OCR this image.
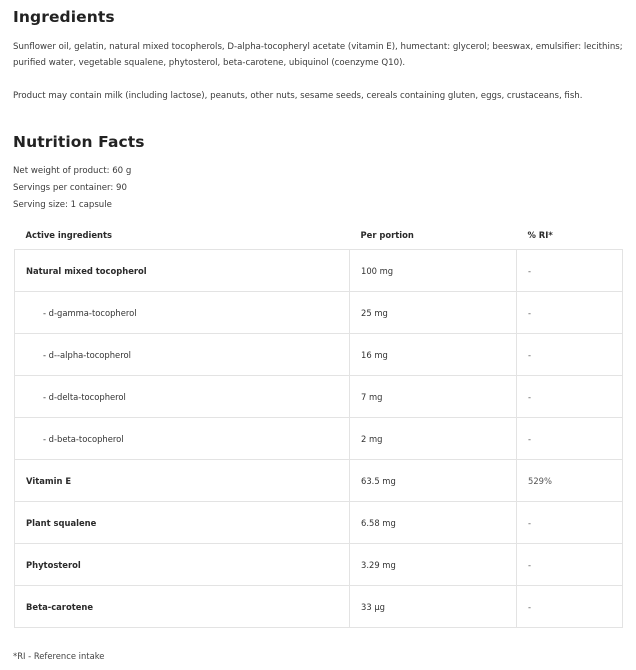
Ingredients

Sunflower oil, gelatin, natural mixed tocopherols, D-alpha-tocopheryl acetate (vitamin E), humectant: glycerol; beeswax, emulsifier: lecithins; purified water, vegetable squalene, phytosterol, beta-carotene, ubiquinol (coenzyme Q10).

Product may contain milk (including lactose), peanuts, other nuts, sesame seeds, cereals containing gluten, eggs, crustaceans, fish.

Nutrition Facts
Net weight of product: 60 g
Servings per container: 90
Serving size: 1 capsule
Active ingredients	Per portion	% RI*
Natural mixed tocopherol	100 mg	-
- d-gamma-tocopherol	25 mg	-
- d--alpha-tocopherol	16 mg	-
- d-delta-tocopherol	7 mg	-
- d-beta-tocopherol	2 mg	-
Vitamin E	63.5 mg	529%
Plant squalene	6.58 mg	-
Phytosterol	3.29 mg	-
Beta-carotene	33 μg	-
*RI - Reference intake
